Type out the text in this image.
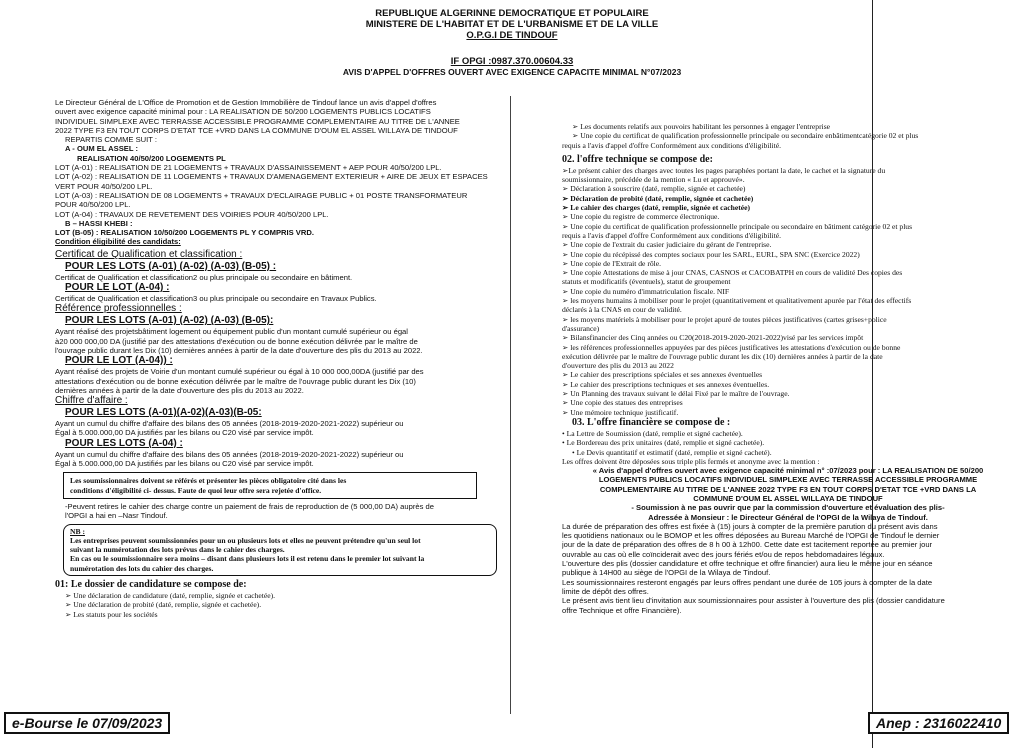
REPUBLIQUE ALGERINNE DEMOCRATIQUE ET POPULAIRE
MINISTERE DE L'HABITAT ET DE L'URBANISME ET DE LA VILLE
O.P.G.I DE TINDOUF
IF OPGI :0987.370.00604.33
AVIS D'APPEL D'OFFRES OUVERT AVEC EXIGENCE CAPACITE MINIMAL N°07/2023

Le Directeur Général de L'Office de Promotion et de Gestion Immobilière de Tindouf lance un avis d'appel d'offres

ouvert avec exigence capacité minimal pour : LA REALISATION DE 50/200 LOGEMENTS PUBLICS LOCATIFS

INDIVIDUEL SIMPLEXE AVEC TERRASSE ACCESSIBLE PROGRAMME COMPLEMENTAIRE AU TITRE DE L'ANNEE

2022 TYPE F3 EN TOUT CORPS D'ETAT TCE +VRD DANS LA COMMUNE D'OUM EL ASSEL WILLAYA DE TINDOUF

REPARTIS COMME SUIT :

A - OUM EL ASSEL :

REALISATION 40/50/200 LOGEMENTS PL

LOT (A-01) : REALISATION DE 21 LOGEMENTS + TRAVAUX D'ASSAINISSEMENT + AEP POUR 40/50/200 LPL.

LOT (A-02) : REALISATION DE 11 LOGEMENTS + TRAVAUX D'AMENAGEMENT EXTERIEUR + AIRE DE JEUX ET ESPACES

VERT POUR 40/50/200 LPL.

LOT (A-03) : REALISATION DE 08 LOGEMENTS + TRAVAUX D'ECLAIRAGE PUBLIC + 01 POSTE TRANSFORMATEUR

POUR 40/50/200 LPL.

LOT (A-04) : TRAVAUX DE REVETEMENT DES VOIRIES POUR 40/50/200 LPL.

B – HASSI KHEBI :

LOT (B-05) : REALISATION 10/50/200 LOGEMENTS PL Y COMPRIS VRD.

Condition éligibilité des candidats:

Certificat de Qualification et classification :

POUR LES LOTS (A-01) (A-02) (A-03) (B-05) :

Certificat de Qualification et classification2 ou plus principale ou secondaire en bâtiment.

POUR LE LOT (A-04) :

Certificat de Qualification et classification3 ou plus principale ou secondaire en Travaux Publics.

Référence professionnelles :

POUR LES LOTS (A-01) (A-02) (A-03) (B-05):

Ayant réalisé des projetsbâtiment logement ou équipement public d'un montant cumulé supérieur ou égal

à20 000 000,00 DA (justifié par des attestations d'exécution ou de bonne exécution délivrée par le maître de

l'ouvrage public durant les Dix (10) dernières années à partir de la date d'ouverture des plis du 2013 au 2022.

POUR LE LOT (A-04)) :

Ayant réalisé des projets de Voirie d'un montant cumulé supérieur ou égal à 10 000 000,00DA (justifié par des

attestations d'exécution ou de bonne exécution délivrée par le maître de l'ouvrage public durant les Dix (10)

dernières années à partir de la date d'ouverture des plis du 2013 au 2022.

Chiffre d'affaire :

POUR LES LOTS (A-01)(A-02)(A-03)(B-05:

Ayant un cumul du chiffre d'affaire des bilans des 05 années (2018-2019-2020-2021-2022) supérieur ou

Égal à 5.000.000,00 DA justifiés par les bilans ou C20 visé par service impôt.

POUR LES LOTS (A-04) :

Ayant un cumul du chiffre d'affaire des bilans des 05 années (2018-2019-2020-2021-2022) supérieur ou

Égal à 5.000.000,00 DA justifiés par les bilans ou C20 visé par service impôt.

Les soumissionnaires doivent se référés et présenter les pièces obligatoire cité dans les

conditions d'éligibilité ci- dessus. Faute de quoi leur offre sera rejetée d'office.

-Peuvent retires le cahier des charge contre un paiement de frais de reproduction de (5 000,00 DA) auprès de

l'OPGI a hai en –Nasr Tindouf.

NB :

Les entreprises peuvent soumissionnées pour un ou plusieurs lots et elles ne peuvent prétendre qu'un seul lot

suivant la numérotation des lots prévus dans le cahier des charges.

En cas ou le soumissionnaire sera moins – disant dans plusieurs lots il est retenu dans le premier lot suivant la

numérotation des lots du cahier des charges.

01: Le dossier de candidature se compose de:

➢ Une déclaration de candidature (daté, remplie, signée et cachetée).

➢ Une déclaration de probité (daté, remplie, signée et cachetée).

➢ Les statuts pour les sociétés

➢ Les documents relatifs aux pouvoirs habilitant les personnes à engager l'entreprise

➢ Une copie du certificat de qualification professionnelle principale ou secondaire enbâtimentcatégorie 02 et plus

requis a l'avis d'appel d'offre Conformément aux conditions d'éligibilité.

02. l'offre technique se compose de:

➢Le présent cahier des charges avec toutes les pages paraphées portant la date, le cachet et la signature du

soumissionnaire, précédée de la mention « Lu et approuvé».

➢ Déclaration à souscrire (daté, remplie, signée et cachetée)

➢ Déclaration de probité (daté, remplie, signée et cachetée)

➢ Le cahier des charges (daté, remplie, signée et cachetée)

➢ Une copie du registre de commerce électronique.

➢ Une copie du certificat de qualification professionnelle principale ou secondaire en bâtiment catégorie 02 et plus

requis a l'avis d'appel d'offre Conformément aux conditions d'éligibilité.

➢ Une copie de l'extrait du casier judiciaire du gérant de l'entreprise.

➢ Une copie du récépissé des comptes sociaux pour les SARL, EURL, SPA SNC (Exercice 2022)

➢ Une copie de l'Extrait de rôle.

➢ Une copie Attestations de mise à jour CNAS, CASNOS et CACOBATPH en cours de validité Des copies des

statuts et modificatifs (éventuels), statut de groupement

➢ Une copie du numéro d'immatriculation fiscale. NIF

➢ les moyens humains à mobiliser pour le projet (quantitativement et qualitativement apurée par l'état des effectifs

déclarés à la CNAS en cour de validité.

➢ les moyens matériels à mobiliser pour le projet apuré de toutes pièces justificatives (cartes grises+police

d'assurance)

➢ Bilansfinancier des Cinq années ou C20(2018-2019-2020-2021-2022)visé par les services impôt

➢ les références professionnelles appuyées par des pièces justificatives les attestations d'exécution ou de bonne

exécution délivrée par le maître de l'ouvrage public durant les dix (10) dernières années à partir de la date

d'ouverture des plis du 2013 au 2022

➢ Le cahier des prescriptions spéciales et ses annexes éventuelles

➢ Le cahier des prescriptions techniques et ses annexes éventuelles.

➢ Un Planning des travaux suivant le délai Fixé par le maître de l'ouvrage.

➢ Une copie des statues des entreprises

➢ Une mémoire technique justificatif.

03. L'offre financière se compose de :

• La Lettre de Soumission (daté, remplie et signé cachetée).

• Le Bordereau des prix unitaires (daté, remplie et signé cachetée).

• Le Devis quantitatif et estimatif (daté, remplie et signé cacheté).

Les offres doivent être déposées sous triple plis fermés et anonyme avec la mention :

« Avis d'appel d'offres ouvert avec exigence capacité minimal n° :07/2023 pour : LA REALISATION DE 50/200

LOGEMENTS PUBLICS LOCATIFS INDIVIDUEL SIMPLEXE AVEC TERRASSE ACCESSIBLE PROGRAMME

COMPLEMENTAIRE AU TITRE DE L'ANNEE 2022 TYPE F3 EN TOUT CORPS D'ETAT TCE +VRD DANS LA

COMMUNE D'OUM EL ASSEL WILLAYA DE TINDOUF

- Soumission à ne pas ouvrir que par la commission d'ouverture et évaluation des plis-

Adressée à Monsieur : le Directeur Général de l'OPGI de la Wilaya de Tindouf.

La durée de préparation des offres est fixée à (15) jours à compter de la première parution du présent avis dans

les quotidiens nationaux ou le BOMOP et les offres déposées au Bureau Marché de l'OPGI de Tindouf le dernier

jour de la date de préparation des offres de 8 h 00 à 12h00. Cette date est tacitement reportée au premier jour

ouvrable au cas où elle coïnciderait avec des jours fériés et/ou de repos hebdomadaires légaux.

L'ouverture des plis (dossier candidature et offre technique et offre financier) aura lieu le même jour en séance

publique à 14H00 au siège de l'OPGI de la Wilaya de Tindouf.

Les soumissionnaires resteront engagés par leurs offres pendant une durée de 105 jours à compter de la date

limite de dépôt des offres.

Le présent avis tient lieu d'invitation aux soumissionnaires pour assister à l'ouverture des plis (dossier candidature

offre Technique et offre Financière).

e-Bourse le 07/09/2023	Anep : 2316022410
